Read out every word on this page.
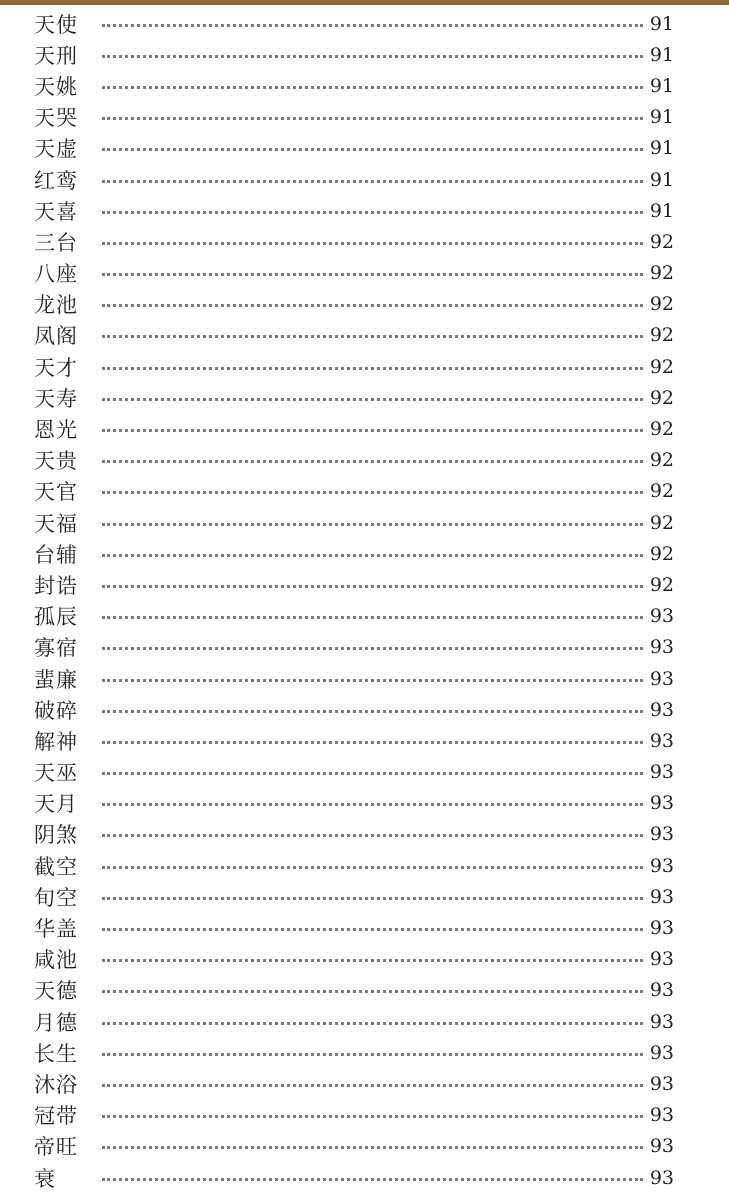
天使	91
天刑	91
天姚	91
天哭	91
天虚	91
红鸾	91
天喜	91
三台	92
八座	92
龙池	92
凤阁	92
天才	92
天寿	92
恩光	92
天贵	92
天官	92
天福	92
台辅	92
封诰	92
孤辰	93
寡宿	93
蜚廉	93
破碎	93
解神	93
天巫	93
天月	93
阴煞	93
截空	93
旬空	93
华盖	93
咸池	93
天德	93
月德	93
长生	93
沐浴	93
冠带	93
帝旺	93
衰	93
